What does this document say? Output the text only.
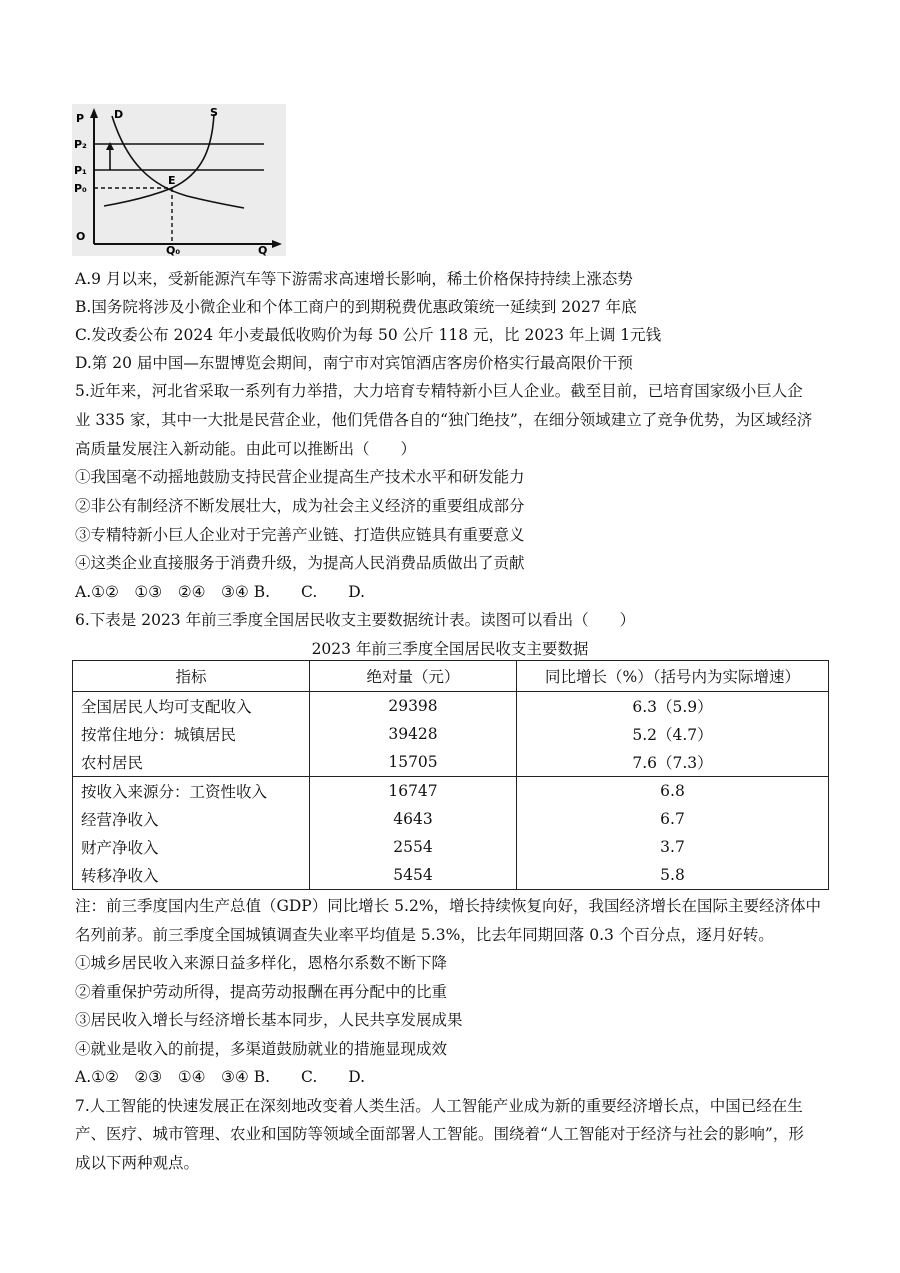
P
P₂
P₁
P₀
O
D	S
E
Q₀	Q
A.9 月以来，受新能源汽车等下游需求高速增长影响，稀土价格保持持续上涨态势
B.国务院将涉及小微企业和个体工商户的到期税费优惠政策统一延续到 2027 年底
C.发改委公布 2024 年小麦最低收购价为每 50 公斤 118 元，比 2023 年上调 1元钱
D.第 20 届中国—东盟博览会期间，南宁市对宾馆酒店客房价格实行最高限价干预
5.近年来，河北省采取一系列有力举措，大力培育专精特新小巨人企业。截至目前，已培育国家级小巨人企
业 335 家，其中一大批是民营企业，他们凭借各自的“独门绝技”，在细分领域建立了竞争优势，为区域经济
高质量发展注入新动能。由此可以推断出（　　）
①我国毫不动摇地鼓励支持民营企业提高生产技术水平和研发能力
②非公有制经济不断发展壮大，成为社会主义经济的重要组成部分
③专精特新小巨人企业对于完善产业链、打造供应链具有重要意义
④这类企业直接服务于消费升级，为提高人民消费品质做出了贡献
A.①②　①③　②④　③④ B.　　C.　　D.
6.下表是 2023 年前三季度全国居民收支主要数据统计表。读图可以看出（　　）
2023 年前三季度全国居民收支主要数据
指标	绝对量（元）	同比增长（%）（括号内为实际增速）
全国居民人均可支配收入	29398	6.3（5.9）
按常住地分：城镇居民	39428	5.2（4.7）
农村居民	15705	7.6（7.3）
按收入来源分：工资性收入	16747	6.8
经营净收入	4643	6.7
财产净收入	2554	3.7
转移净收入	5454	5.8
注：前三季度国内生产总值（GDP）同比增长 5.2%，增长持续恢复向好，我国经济增长在国际主要经济体中
名列前茅。前三季度全国城镇调查失业率平均值是 5.3%，比去年同期回落 0.3 个百分点，逐月好转。
①城乡居民收入来源日益多样化，恩格尔系数不断下降
②着重保护劳动所得，提高劳动报酬在再分配中的比重
③居民收入增长与经济增长基本同步，人民共享发展成果
④就业是收入的前提，多渠道鼓励就业的措施显现成效
A.①②　②③　①④　③④ B.　　C.　　D.
7.人工智能的快速发展正在深刻地改变着人类生活。人工智能产业成为新的重要经济增长点，中国已经在生
产、医疗、城市管理、农业和国防等领域全面部署人工智能。围绕着“人工智能对于经济与社会的影响”，形
成以下两种观点。
